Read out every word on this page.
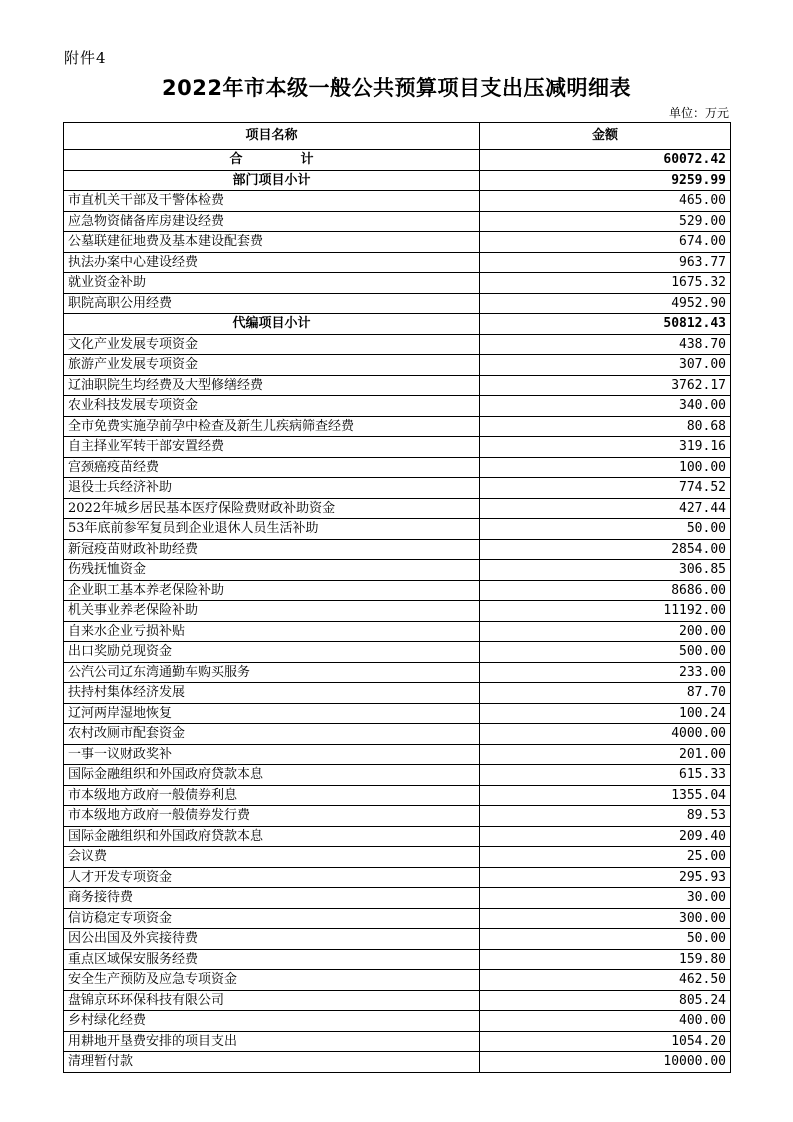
附件4
2022年市本级一般公共预算项目支出压减明细表
单位：万元
项目名称	金额
合计	60072.42
部门项目小计	9259.99
市直机关干部及干警体检费	465.00
应急物资储备库房建设经费	529.00
公墓联建征地费及基本建设配套费	674.00
执法办案中心建设经费	963.77
就业资金补助	1675.32
职院高职公用经费	4952.90
代编项目小计	50812.43
文化产业发展专项资金	438.70
旅游产业发展专项资金	307.00
辽油职院生均经费及大型修缮经费	3762.17
农业科技发展专项资金	340.00
全市免费实施孕前孕中检查及新生儿疾病筛查经费	80.68
自主择业军转干部安置经费	319.16
宫颈癌疫苗经费	100.00
退役士兵经济补助	774.52
2022年城乡居民基本医疗保险费财政补助资金	427.44
53年底前参军复员到企业退休人员生活补助	50.00
新冠疫苗财政补助经费	2854.00
伤残抚恤资金	306.85
企业职工基本养老保险补助	8686.00
机关事业养老保险补助	11192.00
自来水企业亏损补贴	200.00
出口奖励兑现资金	500.00
公汽公司辽东湾通勤车购买服务	233.00
扶持村集体经济发展	87.70
辽河两岸湿地恢复	100.24
农村改厕市配套资金	4000.00
一事一议财政奖补	201.00
国际金融组织和外国政府贷款本息	615.33
市本级地方政府一般债券利息	1355.04
市本级地方政府一般债券发行费	89.53
国际金融组织和外国政府贷款本息	209.40
会议费	25.00
人才开发专项资金	295.93
商务接待费	30.00
信访稳定专项资金	300.00
因公出国及外宾接待费	50.00
重点区域保安服务经费	159.80
安全生产预防及应急专项资金	462.50
盘锦京环环保科技有限公司	805.24
乡村绿化经费	400.00
用耕地开垦费安排的项目支出	1054.20
清理暂付款	10000.00
